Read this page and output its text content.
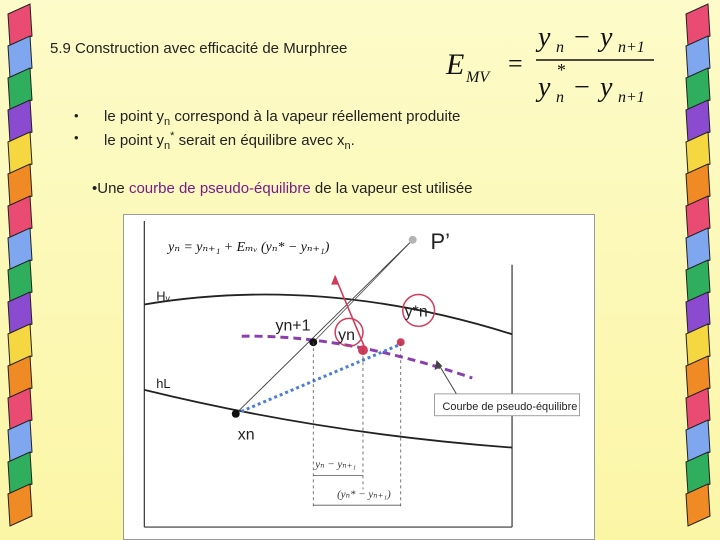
5.9 Construction avec efficacité de Murphree	E MV =
y n − y n+1
y n
*
− y n+1
• le point $y_n$ correspond à la vapeur réellement produite
• le point $y_n^*$ serait en équilibre avec $x_n$.
•Une courbe de pseudo-équilibre de la vapeur est utilisée
yₙ = yₙ₊₁ + Eₘᵥ (yₙ* − yₙ₊₁)
Hᵥ
hL
P’
y*n
yn
yn+1
xn
Courbe de pseudo-équilibre
yₙ − yₙ₊₁
(yₙ* − yₙ₊₁)
